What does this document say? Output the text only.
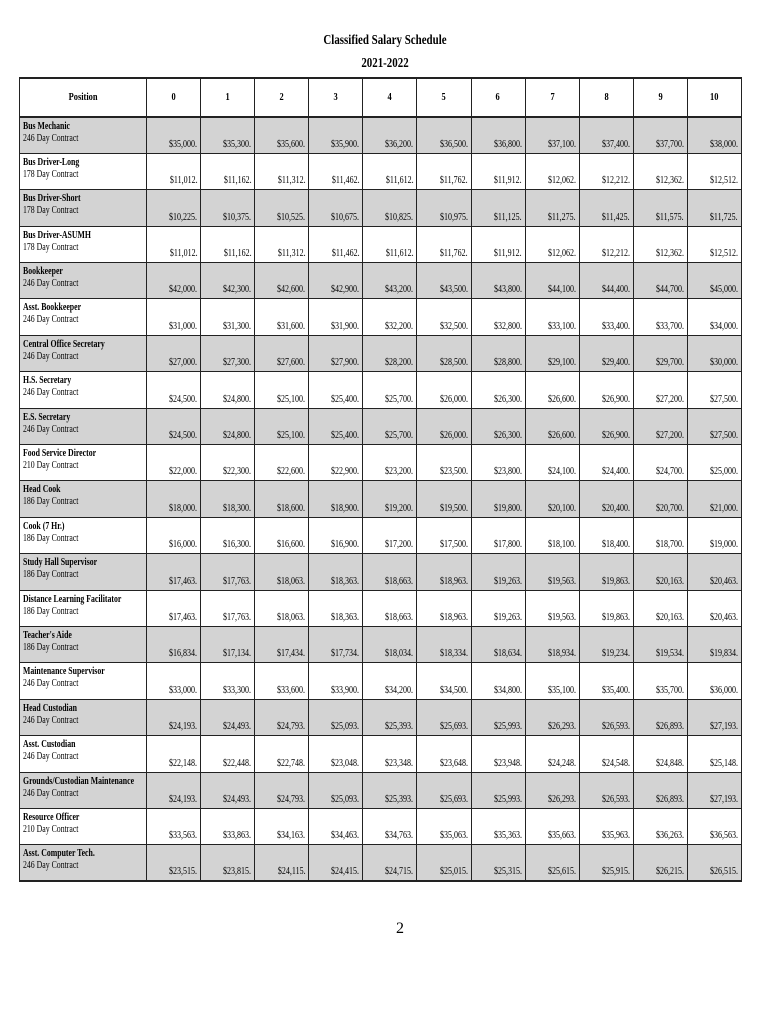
Classified Salary Schedule
2021-2022
Position	0	1	2	3	4	5	6	7	8	9	10

Bus Mechanic
246 Day Contract	$35,000.	$35,300.	$35,600.	$35,900.	$36,200.	$36,500.	$36,800.	$37,100.	$37,400.	$37,700.	$38,000.

Bus Driver-Long
178 Day Contract	$11,012.	$11,162.	$11,312.	$11,462.	$11,612.	$11,762.	$11,912.	$12,062.	$12,212.	$12,362.	$12,512.

Bus Driver-Short
178 Day Contract	$10,225.	$10,375.	$10,525.	$10,675.	$10,825.	$10,975.	$11,125.	$11,275.	$11,425.	$11,575.	$11,725.

Bus Driver-ASUMH
178 Day Contract	$11,012.	$11,162.	$11,312.	$11,462.	$11,612.	$11,762.	$11,912.	$12,062.	$12,212.	$12,362.	$12,512.

Bookkeeper
246 Day Contract	$42,000.	$42,300.	$42,600.	$42,900.	$43,200.	$43,500.	$43,800.	$44,100.	$44,400.	$44,700.	$45,000.

Asst. Bookkeeper
246 Day Contract	$31,000.	$31,300.	$31,600.	$31,900.	$32,200.	$32,500.	$32,800.	$33,100.	$33,400.	$33,700.	$34,000.

Central Office Secretary
246 Day Contract	$27,000.	$27,300.	$27,600.	$27,900.	$28,200.	$28,500.	$28,800.	$29,100.	$29,400.	$29,700.	$30,000.

H.S. Secretary
246 Day Contract	$24,500.	$24,800.	$25,100.	$25,400.	$25,700.	$26,000.	$26,300.	$26,600.	$26,900.	$27,200.	$27,500.

E.S. Secretary
246 Day Contract	$24,500.	$24,800.	$25,100.	$25,400.	$25,700.	$26,000.	$26,300.	$26,600.	$26,900.	$27,200.	$27,500.

Food Service Director
210 Day Contract	$22,000.	$22,300.	$22,600.	$22,900.	$23,200.	$23,500.	$23,800.	$24,100.	$24,400.	$24,700.	$25,000.

Head Cook
186 Day Contract	$18,000.	$18,300.	$18,600.	$18,900.	$19,200.	$19,500.	$19,800.	$20,100.	$20,400.	$20,700.	$21,000.

Cook (7 Hr.)
186 Day Contract	$16,000.	$16,300.	$16,600.	$16,900.	$17,200.	$17,500.	$17,800.	$18,100.	$18,400.	$18,700.	$19,000.

Study Hall Supervisor
186 Day Contract	$17,463.	$17,763.	$18,063.	$18,363.	$18,663.	$18,963.	$19,263.	$19,563.	$19,863.	$20,163.	$20,463.

Distance Learning Facilitator
186 Day Contract	$17,463.	$17,763.	$18,063.	$18,363.	$18,663.	$18,963.	$19,263.	$19,563.	$19,863.	$20,163.	$20,463.

Teacher's Aide
186 Day Contract	$16,834.	$17,134.	$17,434.	$17,734.	$18,034.	$18,334.	$18,634.	$18,934.	$19,234.	$19,534.	$19,834.

Maintenance Supervisor
246 Day Contract	$33,000.	$33,300.	$33,600.	$33,900.	$34,200.	$34,500.	$34,800.	$35,100.	$35,400.	$35,700.	$36,000.

Head Custodian
246 Day Contract	$24,193.	$24,493.	$24,793.	$25,093.	$25,393.	$25,693.	$25,993.	$26,293.	$26,593.	$26,893.	$27,193.

Asst. Custodian
246 Day Contract	$22,148.	$22,448.	$22,748.	$23,048.	$23,348.	$23,648.	$23,948.	$24,248.	$24,548.	$24,848.	$25,148.

Grounds/Custodian Maintenance
246 Day Contract	$24,193.	$24,493.	$24,793.	$25,093.	$25,393.	$25,693.	$25,993.	$26,293.	$26,593.	$26,893.	$27,193.

Resource Officer
210 Day Contract	$33,563.	$33,863.	$34,163.	$34,463.	$34,763.	$35,063.	$35,363.	$35,663.	$35,963.	$36,263.	$36,563.

Asst. Computer Tech.
246 Day Contract	$23,515.	$23,815.	$24,115.	$24,415.	$24,715.	$25,015.	$25,315.	$25,615.	$25,915.	$26,215.	$26,515.
2
